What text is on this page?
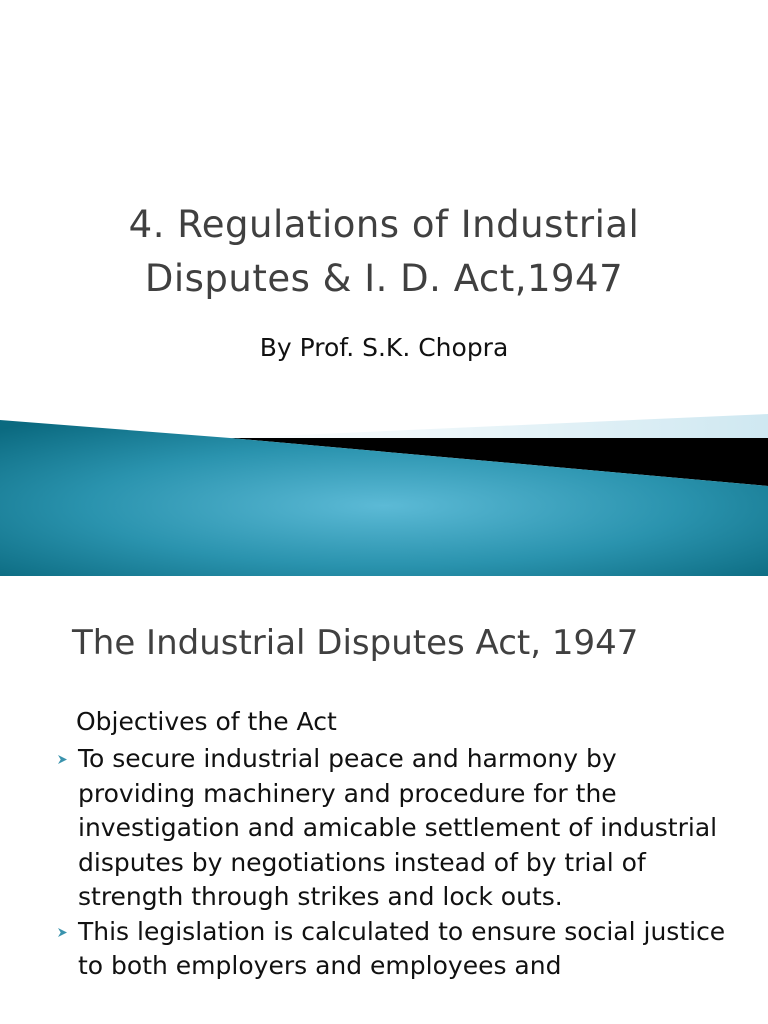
4. Regulations of Industrial
Disputes & I. D. Act,1947
By Prof. S.K. Chopra
The Industrial Disputes Act, 1947
Objectives of the Act
To secure industrial peace and harmony by providing machinery and procedure for the investigation and amicable settlement of industrial disputes by negotiations instead of by trial of strength through strikes and lock outs.
This legislation is calculated to ensure social justice to both employers and employees and
